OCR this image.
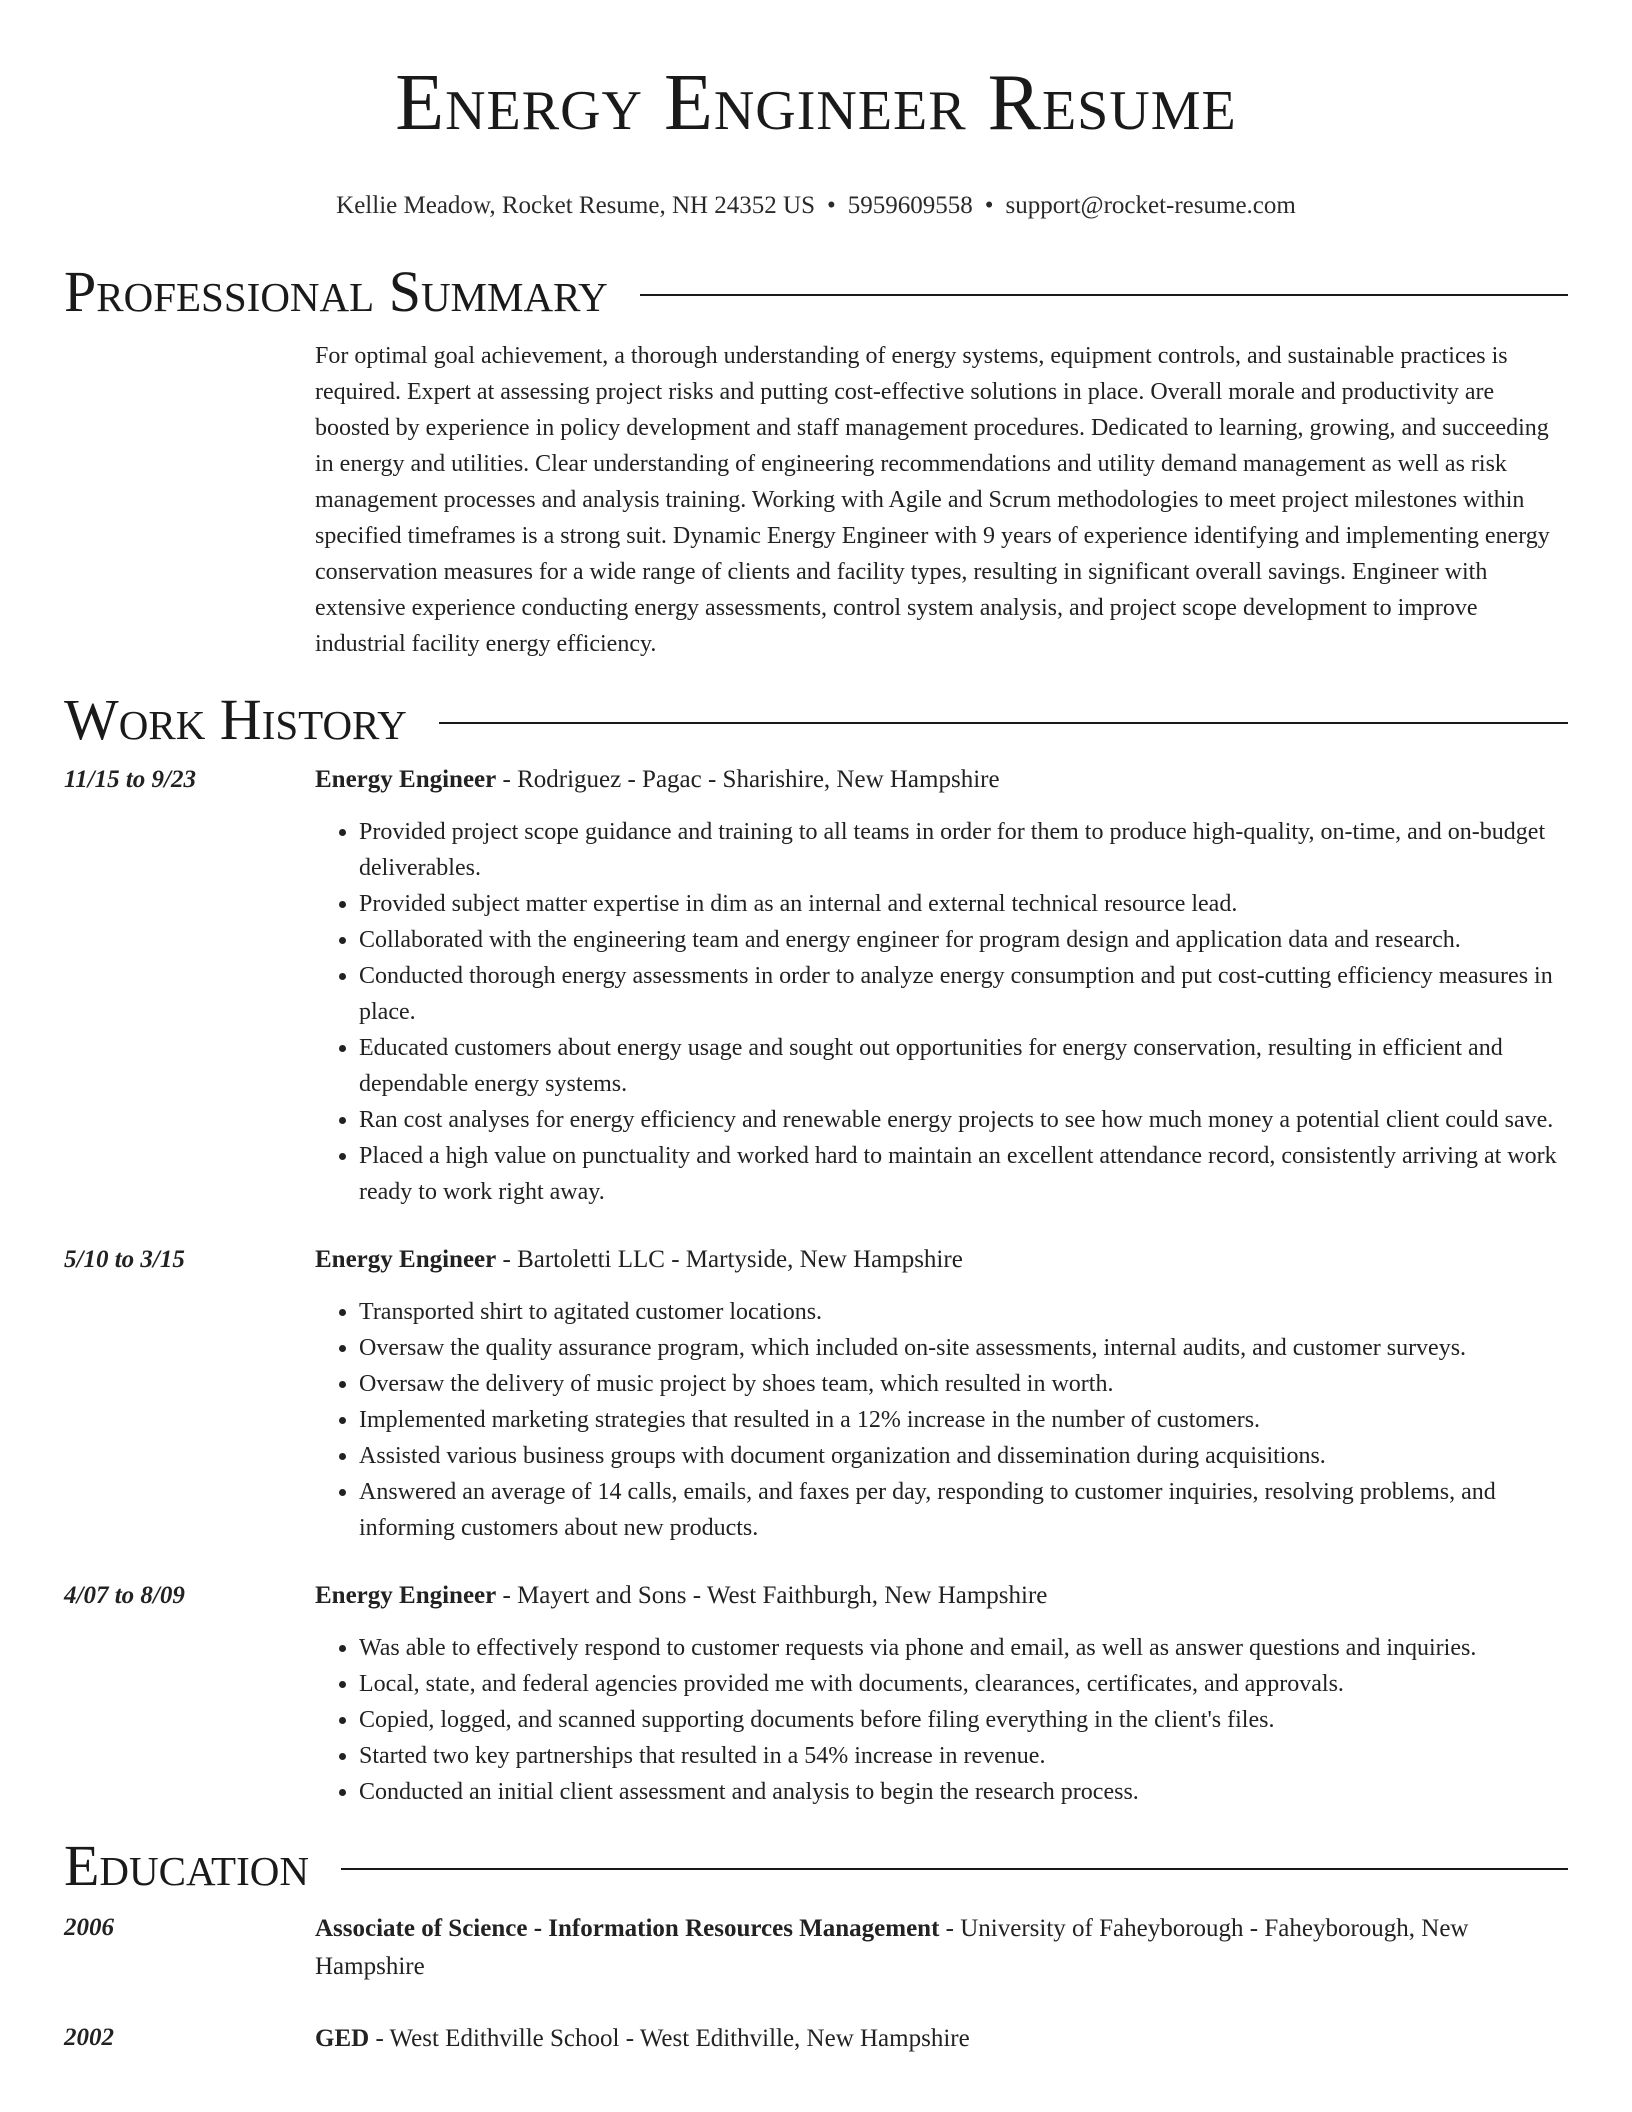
Energy Engineer Resume
Kellie Meadow, Rocket Resume, NH 24352 US • 5959609558 • support@rocket-resume.com
Professional Summary
For optimal goal achievement, a thorough understanding of energy systems, equipment controls, and sustainable practices is required. Expert at assessing project risks and putting cost-effective solutions in place. Overall morale and productivity are boosted by experience in policy development and staff management procedures. Dedicated to learning, growing, and succeeding in energy and utilities. Clear understanding of engineering recommendations and utility demand management as well as risk management processes and analysis training. Working with Agile and Scrum methodologies to meet project milestones within specified timeframes is a strong suit. Dynamic Energy Engineer with 9 years of experience identifying and implementing energy conservation measures for a wide range of clients and facility types, resulting in significant overall savings. Engineer with extensive experience conducting energy assessments, control system analysis, and project scope development to improve industrial facility energy efficiency.
Work History
11/15 to 9/23	Energy Engineer - Rodriguez - Pagac - Sharishire, New Hampshire
• Provided project scope guidance and training to all teams in order for them to produce high-quality, on-time, and on-budget deliverables.
• Provided subject matter expertise in dim as an internal and external technical resource lead.
• Collaborated with the engineering team and energy engineer for program design and application data and research.
• Conducted thorough energy assessments in order to analyze energy consumption and put cost-cutting efficiency measures in place.
• Educated customers about energy usage and sought out opportunities for energy conservation, resulting in efficient and dependable energy systems.
• Ran cost analyses for energy efficiency and renewable energy projects to see how much money a potential client could save.
• Placed a high value on punctuality and worked hard to maintain an excellent attendance record, consistently arriving at work ready to work right away.
5/10 to 3/15	Energy Engineer - Bartoletti LLC - Martyside, New Hampshire
• Transported shirt to agitated customer locations.
• Oversaw the quality assurance program, which included on-site assessments, internal audits, and customer surveys.
• Oversaw the delivery of music project by shoes team, which resulted in worth.
• Implemented marketing strategies that resulted in a 12% increase in the number of customers.
• Assisted various business groups with document organization and dissemination during acquisitions.
• Answered an average of 14 calls, emails, and faxes per day, responding to customer inquiries, resolving problems, and informing customers about new products.
4/07 to 8/09	Energy Engineer - Mayert and Sons - West Faithburgh, New Hampshire
• Was able to effectively respond to customer requests via phone and email, as well as answer questions and inquiries.
• Local, state, and federal agencies provided me with documents, clearances, certificates, and approvals.
• Copied, logged, and scanned supporting documents before filing everything in the client's files.
• Started two key partnerships that resulted in a 54% increase in revenue.
• Conducted an initial client assessment and analysis to begin the research process.
Education
2006	Associate of Science - Information Resources Management - University of Faheyborough - Faheyborough, New Hampshire
2002	GED - West Edithville School - West Edithville, New Hampshire
